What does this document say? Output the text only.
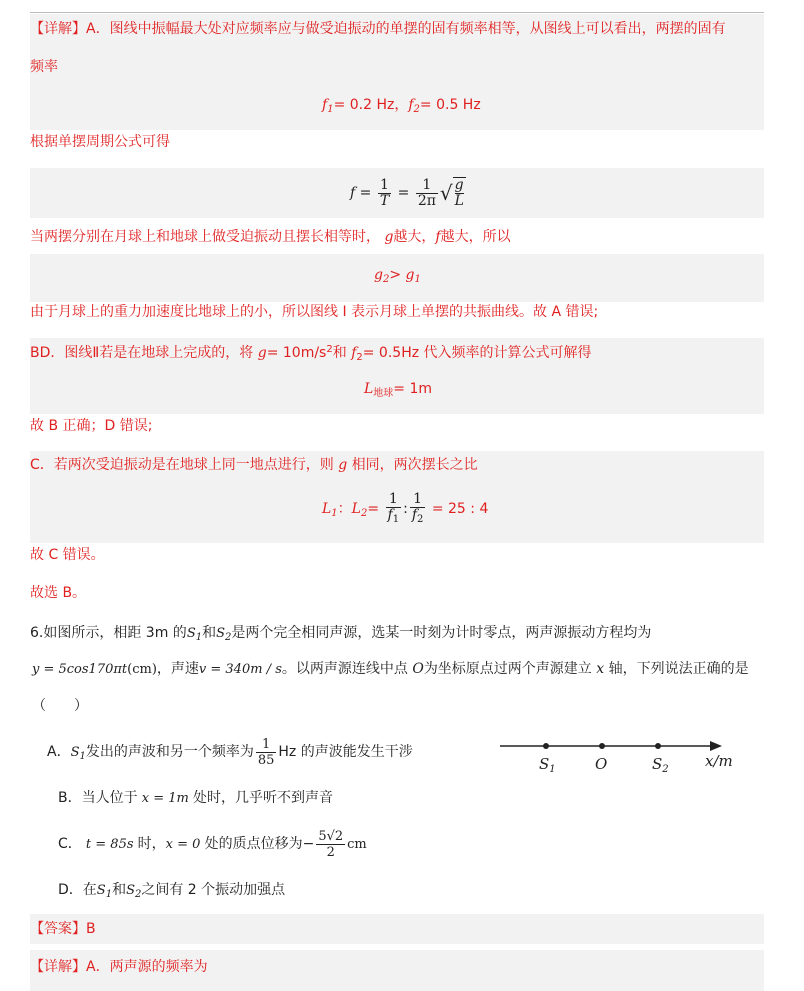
【详解】A．图线中振幅最大处对应频率应与做受迫振动的单摆的固有频率相等，从图线上可以看出，两摆的固有
频率
$f_1= 0.2$ Hz，$f_2= 0.5$ Hz
根据单摆周期公式可得
$f = \frac{1}{T} = \frac{1}{2\pi}$ √ $\frac{g}{L}$
当两摆分别在月球上和地球上做受迫振动且摆长相等时， g越大，f越大，所以
$g_2> g_1$
由于月球上的重力加速度比地球上的小，所以图线 I 表示月球上单摆的共振曲线。故 A 错误;
BD．图线Ⅱ若是在地球上完成的，将 $g= 10m/s^2$和 $f_2= 0.5Hz$ 代入频率的计算公式可解得
$L_{地球}= 1m$
故 B 正确；D 错误;
C．若两次受迫振动是在地球上同一地点进行，则 g 相同，两次摆长之比
$L_1$：$L_2= \frac{1}{f_1}$ : $\frac{1}{f_2} = 25$ : 4
故 C 错误。
故选 B。
6.如图所示，相距 3m 的$S_1$和$S_2$是两个完全相同声源，选某一时刻为计时零点，两声源振动方程均为
y = 5cos170πt(cm)，声速v = 340m / s。以两声源连线中点 O为坐标原点过两个声源建立 x 轴，下列说法正确的是
（　　）
A．$S_1$发出的声波和另一个频率为 $\frac{1}{85}$ Hz 的声波能发生干涉
B．当人位于 x = 1m 处时，几乎听不到声音
C． t = 85s 时，x = 0 处的质点位移为− $\frac{5√2}{2}$ cm
D．在$S_1$和$S_2$之间有 2 个振动加强点
$S_1$	O	$S_2$ x/m
【答案】B
【详解】A．两声源的频率为
